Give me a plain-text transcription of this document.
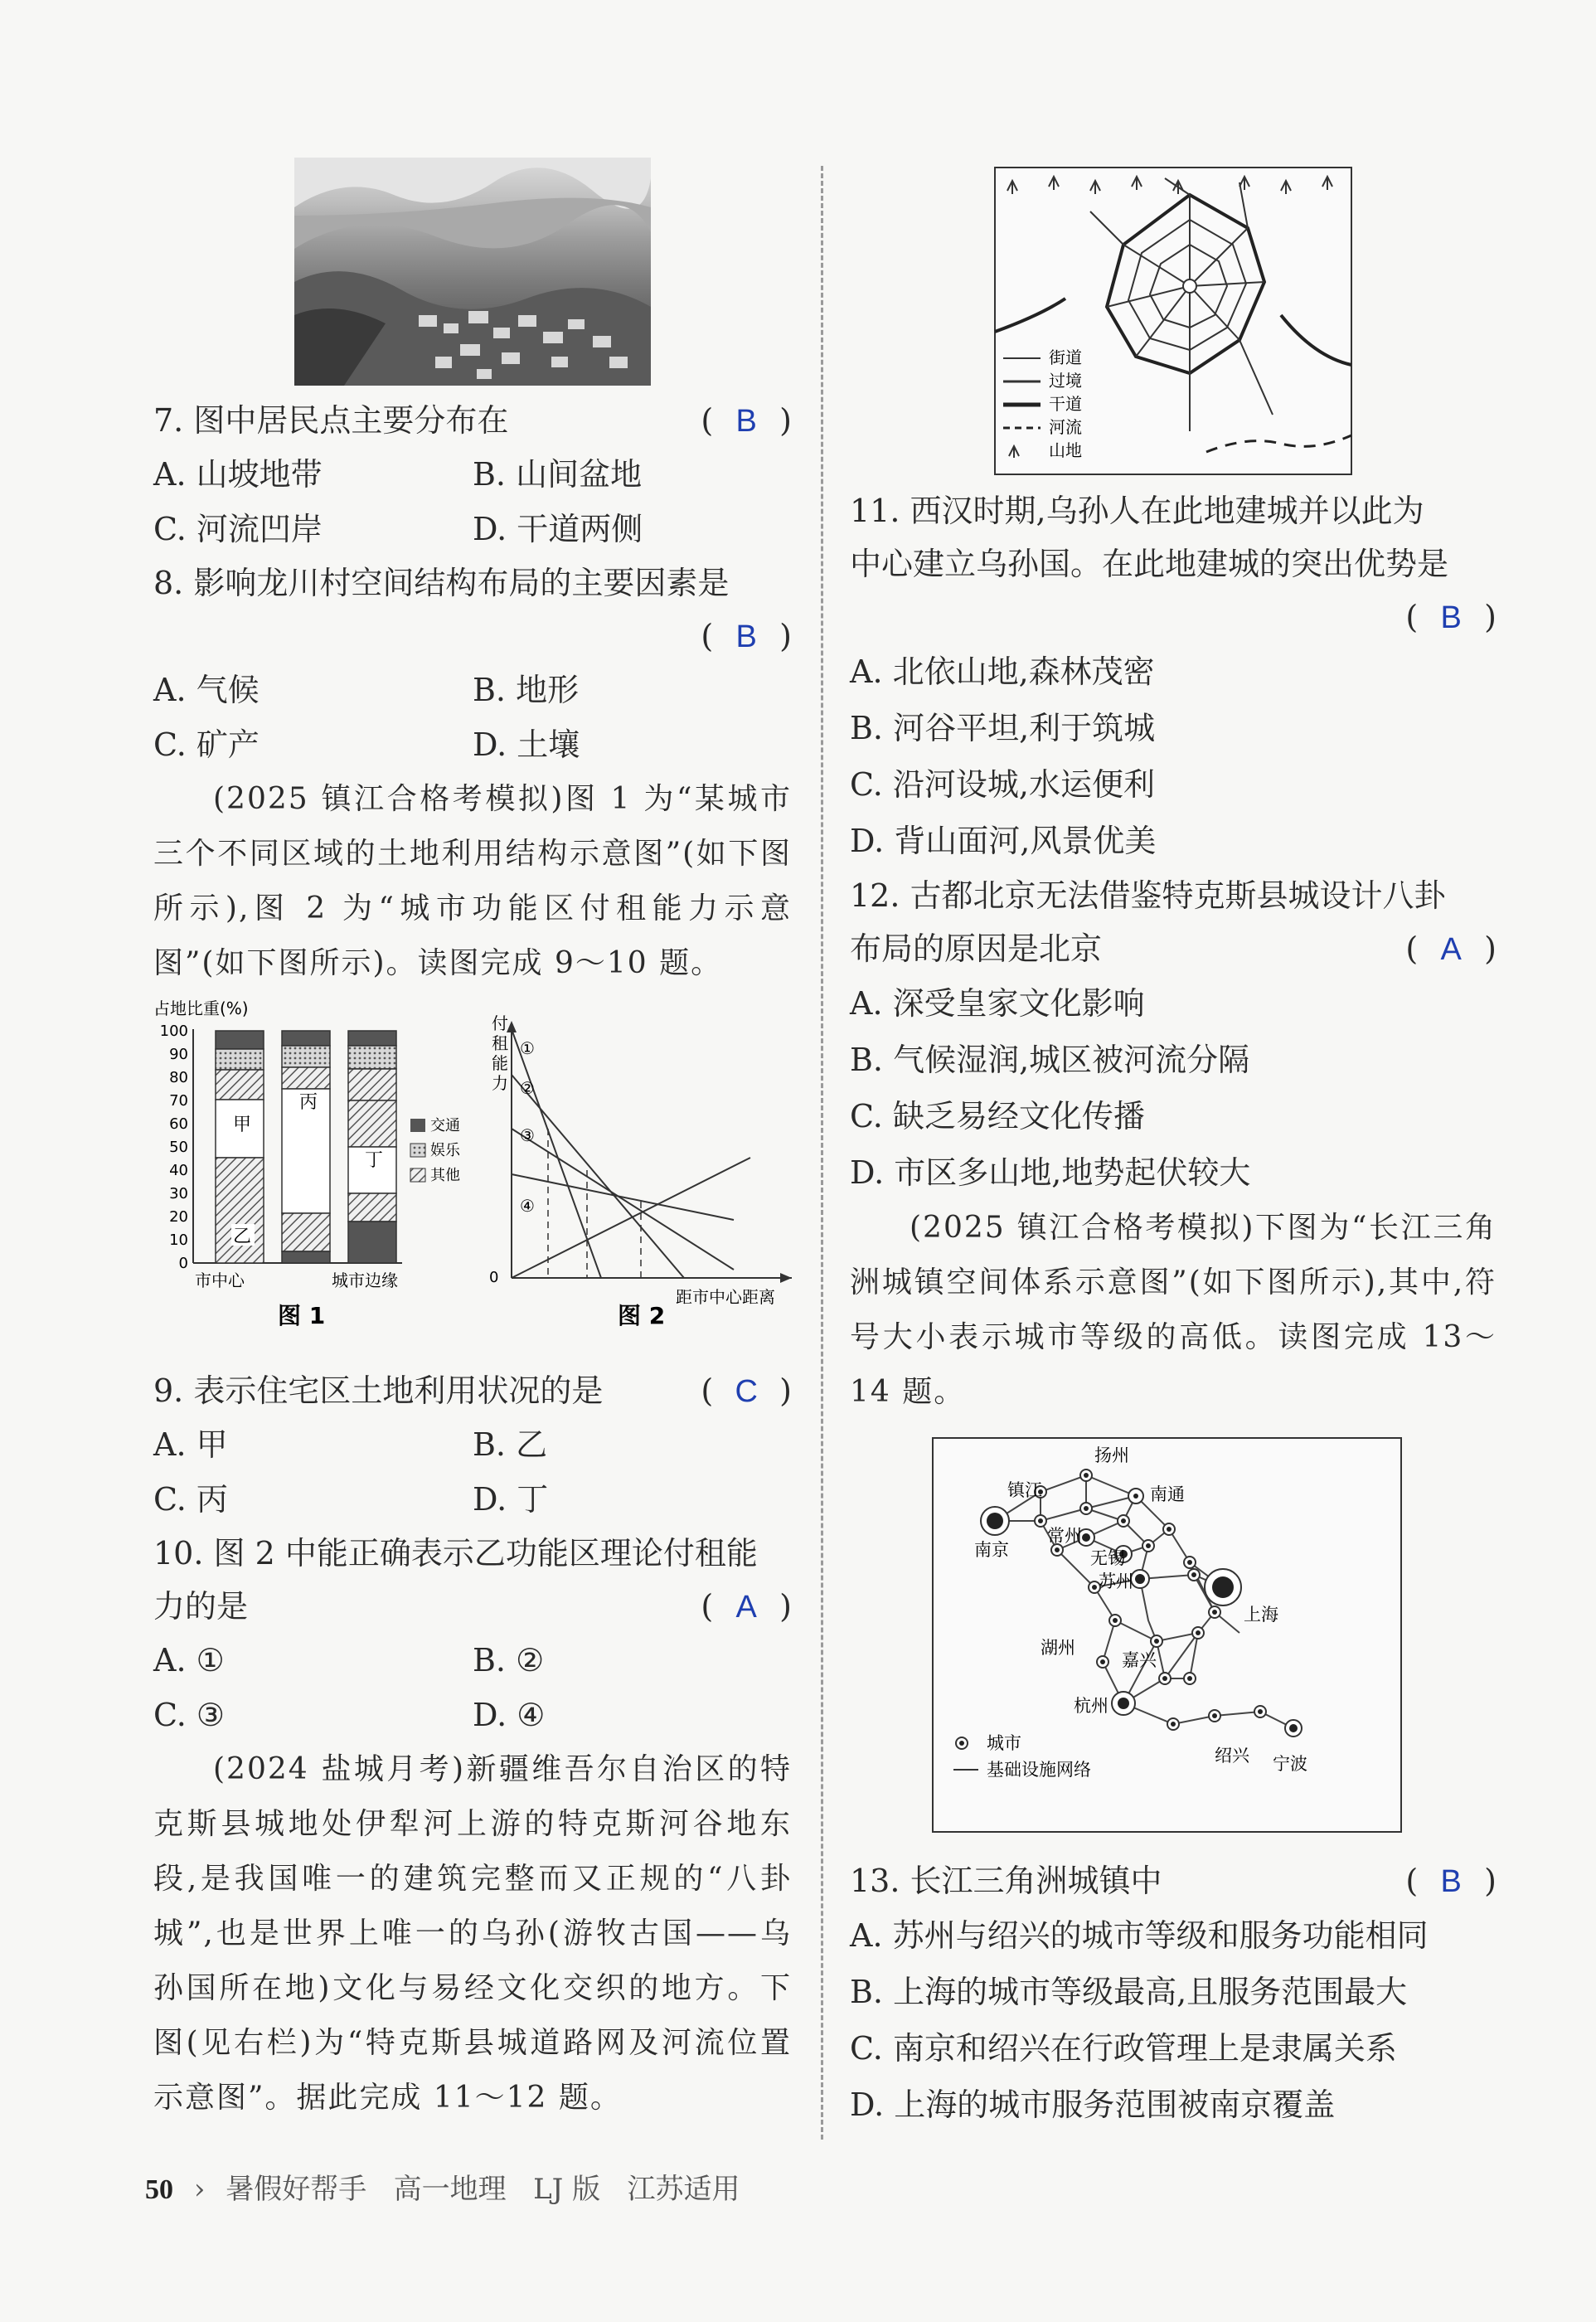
7. 图中居民点主要分布在	( B )
A. 山坡地带	B. 山间盆地
C. 河流凹岸	D. 干道两侧
8. 影响龙川村空间结构布局的主要因素是
( B )
A. 气候	B. 地形
C. 矿产	D. 土壤
(2025 镇江合格考模拟)图 1 为“某城市三个不同区域的土地利用结构示意图”(如下图所示),图 2 为“城市功能区付租能力示意图”(如下图所示)。读图完成 9～10 题。
占地比重(%)
100
90
80
70
60
50
40
30
20
10
0
甲
乙
丙
丁
交通
娱乐
其他
市中心	城市边缘
图 1
付
租
能
力
0
距市中心距离
①
②
③
④
图 2
9. 表示住宅区土地利用状况的是	( C )
A. 甲	B. 乙
C. 丙	D. 丁
10. 图 2 中能正确表示乙功能区理论付租能
力的是	( A )
A. ①	B. ②
C. ③	D. ④
(2024 盐城月考)新疆维吾尔自治区的特克斯县城地处伊犁河上游的特克斯河谷地东段,是我国唯一的建筑完整而又正规的“八卦城”,也是世界上唯一的乌孙(游牧古国——乌孙国所在地)文化与易经文化交织的地方。下图(见右栏)为“特克斯县城道路网及河流位置示意图”。据此完成 11～12 题。
街道
过境
干道
河流
山地
11. 西汉时期,乌孙人在此地建城并以此为
中心建立乌孙国。在此地建城的突出优势是
( B )
A. 北依山地,森林茂密
B. 河谷平坦,利于筑城
C. 沿河设城,水运便利
D. 背山面河,风景优美
12. 古都北京无法借鉴特克斯县城设计八卦
布局的原因是北京	( A )
A. 深受皇家文化影响
B. 气候湿润,城区被河流分隔
C. 缺乏易经文化传播
D. 市区多山地,地势起伏较大
(2025 镇江合格考模拟)下图为“长江三角洲城镇空间体系示意图”(如下图所示),其中,符号大小表示城市等级的高低。读图完成 13～14 题。
扬州
镇江	南通
南京
常州
无锡
苏州
上海
湖州
嘉兴
杭州
绍兴 宁波
城市
基础设施网络
13. 长江三角洲城镇中	( B )
A. 苏州与绍兴的城市等级和服务功能相同
B. 上海的城市等级最高,且服务范围最大
C. 南京和绍兴在行政管理上是隶属关系
D. 上海的城市服务范围被南京覆盖
50 › 暑假好帮手   高一地理   LJ 版   江苏适用
